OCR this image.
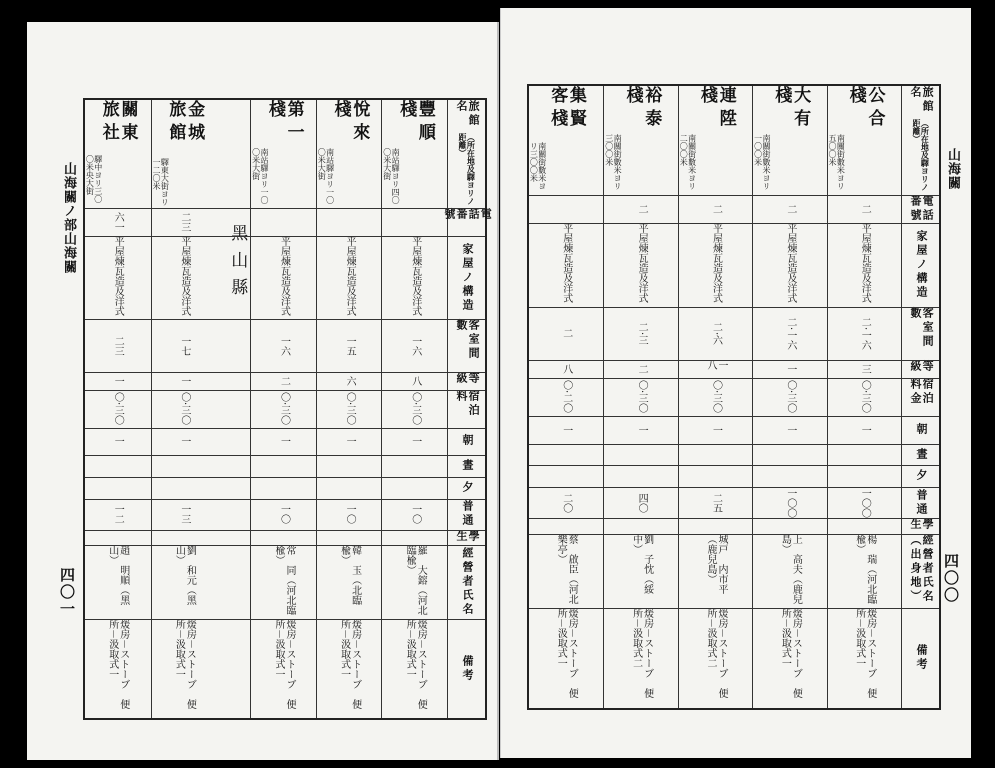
山海關ノ部山海關
四〇一
關東旅社
驛中ヨリ三〇〇米央大街
六一
平屋煉瓦造及洋式
二三
一
〇·三〇
一
一二
趙　明順（黑山）
煖房－ストーブ　便所－汲取式一
金城旅館
驛東大街ヨリ一二〇米
二三
平屋煉瓦造及洋式
一七
一
〇·三〇
一
一三
劉　和元（黑山）
煖房－ストーブ　便所－汲取式一
黑山縣
第一棧
南站驛ヨリ一〇〇米大街
平屋煉瓦造及洋式
一六
二
〇·三〇
一
一〇
常　同（河北臨楡）
煖房－ストーブ　便所－汲取式一
悅來棧
南站驛ヨリ一〇〇米大街
平屋煉瓦造及洋式
一五
六
〇·三〇
一
一〇
韓　玉（北臨楡）
煖房－ストーブ　便所－汲取式一
豐順棧
南站驛ヨリ四〇〇米大街
平屋煉瓦造及洋式
一六
八
〇·三〇
一
一〇
羅　大鎔（河北臨楡）
煖房－ストーブ　便所－汲取式一
旅館名
（所在地及驛ヨリノ距離）
電話番號
家屋ノ構造
客室間數
等級
宿泊料
朝
晝
夕
普通
學生
經營者氏名
備考
山海關
四〇〇
集賢客棧
南關街數米ヨリ三〇〇米
平屋煉瓦造及洋式
二
八
〇·二〇
一
二〇
蔡　啟臣（河北樂亭）
煖房－ストーブ　便所－汲取式一
裕泰棧
南關街數米ヨリ三〇〇米
二
平屋煉瓦造及洋式
二·三
二
〇·三〇
一
四〇
劉　子忱（綏中）
煖房－ストーブ　便所－汲取式二
連陞棧
南關街數米ヨリ二〇〇米
二
平屋煉瓦造及洋式
二·六
一八
〇·三〇
一
二五
城戸　内市平（鹿兒島）
煖房－ストーブ　便所－汲取式二
大有棧
南關街數米ヨリ一〇〇米
二
平屋煉瓦造及洋式
二·一六
一
〇·三〇
一
一〇〇
上　高夫（鹿兒島）
煖房－ストーブ　便所－汲取式一
公合棧
南關街數米ヨリ五〇〇米
二
平屋煉瓦造及洋式
二·一六
三
〇·三〇
一
一〇〇
楊　瑞（河北臨楡）
煖房－ストーブ　便所－汲取式一
旅館名
（所在地及驛ヨリノ距離）
電話番號
家屋ノ構造
客室間數
等級
宿泊料金
朝
晝
夕
普通
學生
經營者氏名（出身地）
備考
